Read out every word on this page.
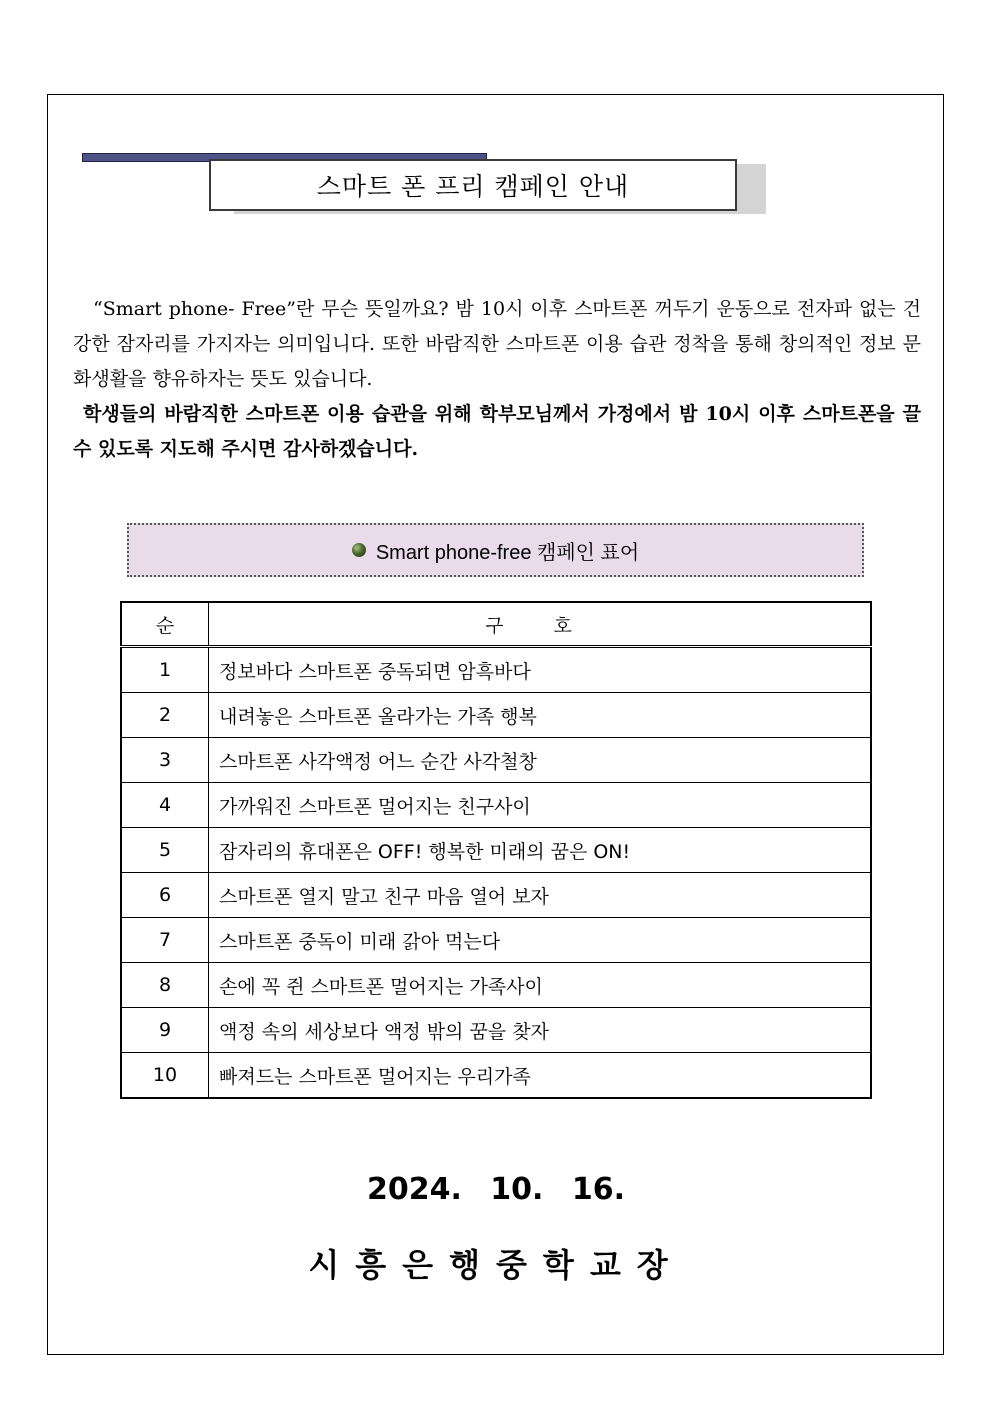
스마트 폰 프리 캠페인 안내

“Smart phone- Free”란 무슨 뜻일까요? 밤 10시 이후 스마트폰 꺼두기 운동으로 전자파 없는 건강한 잠자리를 가지자는 의미입니다. 또한 바람직한 스마트폰 이용 습관 정착을 통해 창의적인 정보 문화생활을 향유하자는 뜻도 있습니다.

학생들의 바람직한 스마트폰 이용 습관을 위해 학부모님께서 가정에서 밤 10시 이후 스마트폰을 끌 수 있도록 지도해 주시면 감사하겠습니다.

Smart phone-free 캠페인 표어
순	구 호
1	정보바다 스마트폰 중독되면 암흑바다
2	내려놓은 스마트폰 올라가는 가족 행복
3	스마트폰 사각액정 어느 순간 사각철창
4	가까워진 스마트폰 멀어지는 친구사이
5	잠자리의 휴대폰은 OFF! 행복한 미래의 꿈은 ON!
6	스마트폰 열지 말고 친구 마음 열어 보자
7	스마트폰 중독이 미래 갉아 먹는다
8	손에 꼭 쥔 스마트폰 멀어지는 가족사이
9	액정 속의 세상보다 액정 밖의 꿈을 찾자
10	빠져드는 스마트폰 멀어지는 우리가족
2024. 10. 16.
시흥은행중학교장
